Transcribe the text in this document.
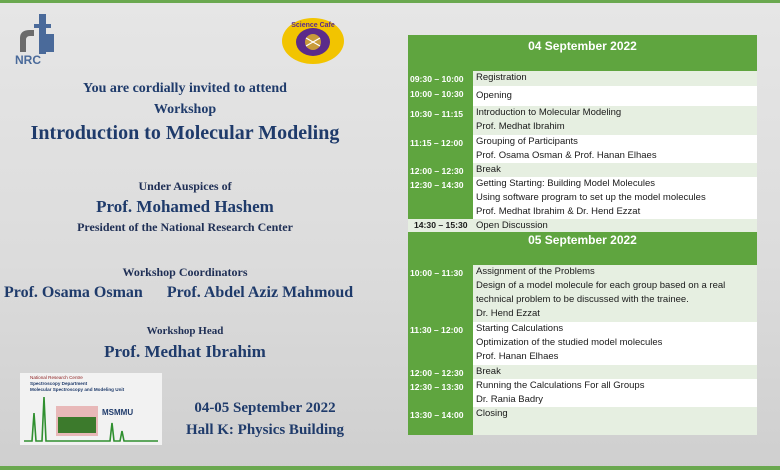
NRC
Science Cafe
You are cordially invited to attend
Workshop
Introduction to Molecular Modeling
Under Auspices of
Prof. Mohamed Hashem
President of the National Research Center
Workshop Coordinators
Prof. Osama Osman Prof. Abdel Aziz Mahmoud
Workshop Head
Prof. Medhat Ibrahim
National Research Centre
Spectroscopy Department
Molecular Spectroscopy and Modeling Unit
MSMMU	04-05 September 2022
Hall K: Physics Building
04 September 2022
09:30 – 10:00	Registration
10:00 – 10:30	Opening
10:30 – 11:15	Introduction to Molecular Modeling
Prof. Medhat Ibrahim
11:15 – 12:00	Grouping of Participants
Prof. Osama Osman & Prof. Hanan Elhaes
12:00 – 12:30	Break
12:30 – 14:30	Getting Starting: Building Model Molecules
Using software program to set up the model molecules
Prof. Medhat Ibrahim & Dr. Hend Ezzat
14:30 – 15:30 Open Discussion
05 September 2022
10:00 – 11:30	Assignment of the Problems
Design of a model molecule for each group based on a real
technical problem to be discussed with the trainee.
Dr. Hend Ezzat
11:30 – 12:00	Starting Calculations
Optimization of the studied model molecules
Prof. Hanan Elhaes
12:00 – 12:30	Break
12:30 – 13:30	Running the Calculations For all Groups
Dr. Rania Badry
13:30 – 14:00	Closing
